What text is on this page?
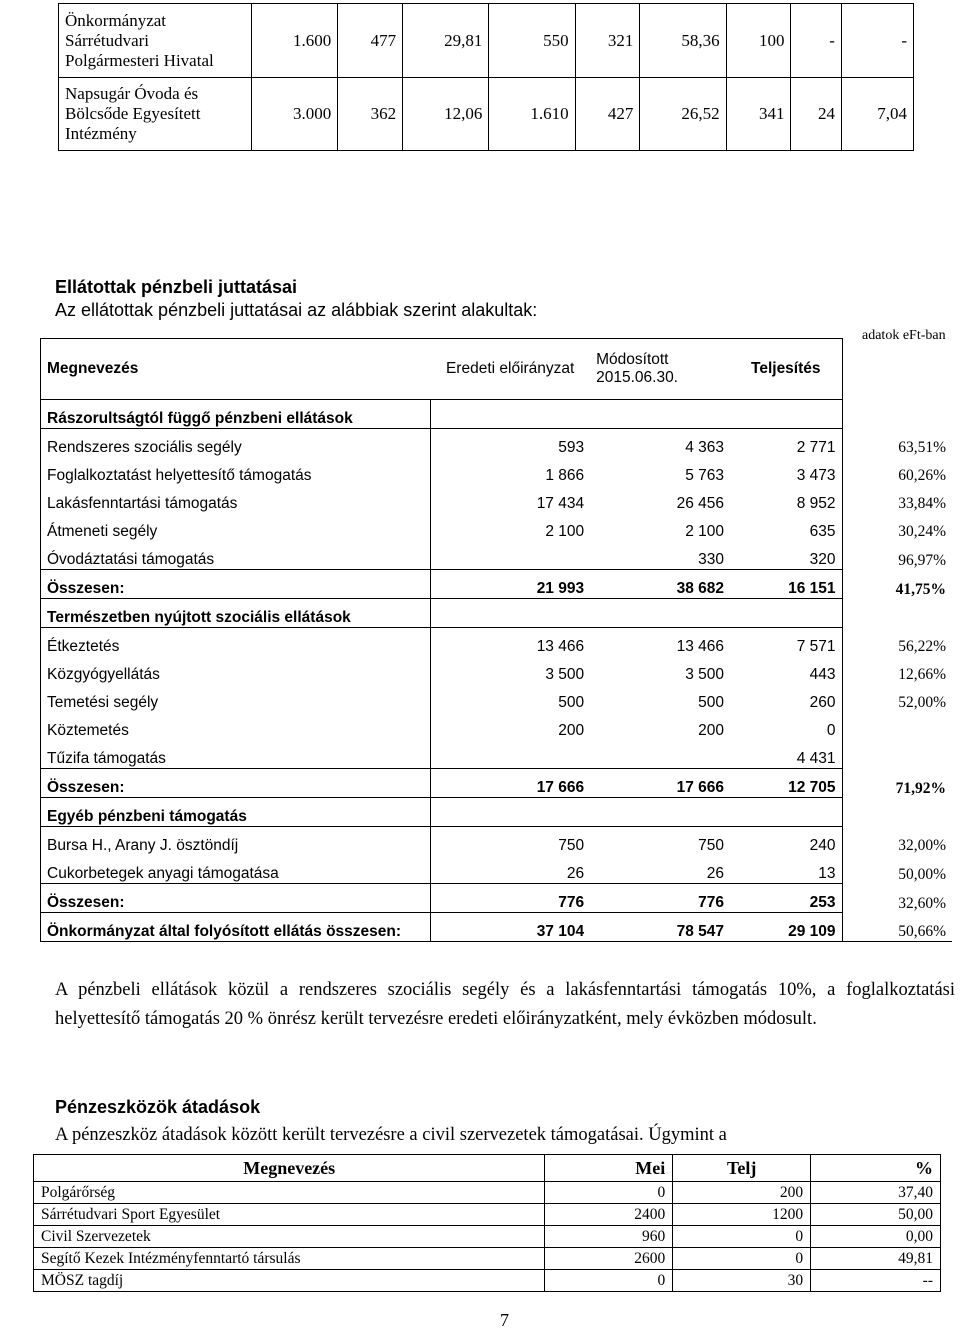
Önkormányzat Sárrétudvari Polgármesteri Hivatal	1.600	477	29,81	550	321	58,36	100	-	-
Napsugár Óvoda és Bölcsőde Egyesített Intézmény	3.000	362	12,06	1.610	427	26,52	341	24	7,04
Ellátottak pénzbeli juttatásai
Az ellátottak pénzbeli juttatásai az alábbiak szerint alakultak:
adatok eFt-ban
Megnevezés	Eredeti előirányzat	Módosított 2015.06.30.	Teljesítés	
Rászorultságtól függő pénzbeni ellátások				
Rendszeres szociális segély	593	4 363	2 771	63,51%
Foglalkoztatást helyettesítő támogatás	1 866	5 763	3 473	60,26%
Lakásfenntartási támogatás	17 434	26 456	8 952	33,84%
Átmeneti segély	2 100	2 100	635	30,24%
Óvodáztatási támogatás		330	320	96,97%
Összesen:	21 993	38 682	16 151	41,75%
Természetben nyújtott szociális ellátások				
Étkeztetés	13 466	13 466	7 571	56,22%
Közgyógyellátás	3 500	3 500	443	12,66%
Temetési segély	500	500	260	52,00%
Köztemetés	200	200	0	
Tűzifa támogatás			4 431	
Összesen:	17 666	17 666	12 705	71,92%
Egyéb pénzbeni támogatás				
Bursa H., Arany J. ösztöndíj	750	750	240	32,00%
Cukorbetegek anyagi támogatása	26	26	13	50,00%
Összesen:	776	776	253	32,60%
Önkormányzat által folyósított ellátás összesen:	37 104	78 547	29 109	50,66%
A pénzbeli ellátások közül a rendszeres szociális segély és a lakásfenntartási támogatás 10%, a foglalkoztatási helyettesítő támogatás 20 % önrész került tervezésre eredeti előirányzatként, mely évközben módosult.
Pénzeszközök átadások
A pénzeszköz átadások között került tervezésre a civil szervezetek támogatásai. Úgymint a
Megnevezés	Mei	Telj	%
Polgárőrség	0	200	37,40
Sárrétudvari Sport Egyesület	2400	1200	50,00
Civil Szervezetek	960	0	0,00
Segítő Kezek Intézményfenntartó társulás	2600	0	49,81
MÖSZ tagdíj	0	30	--
7
